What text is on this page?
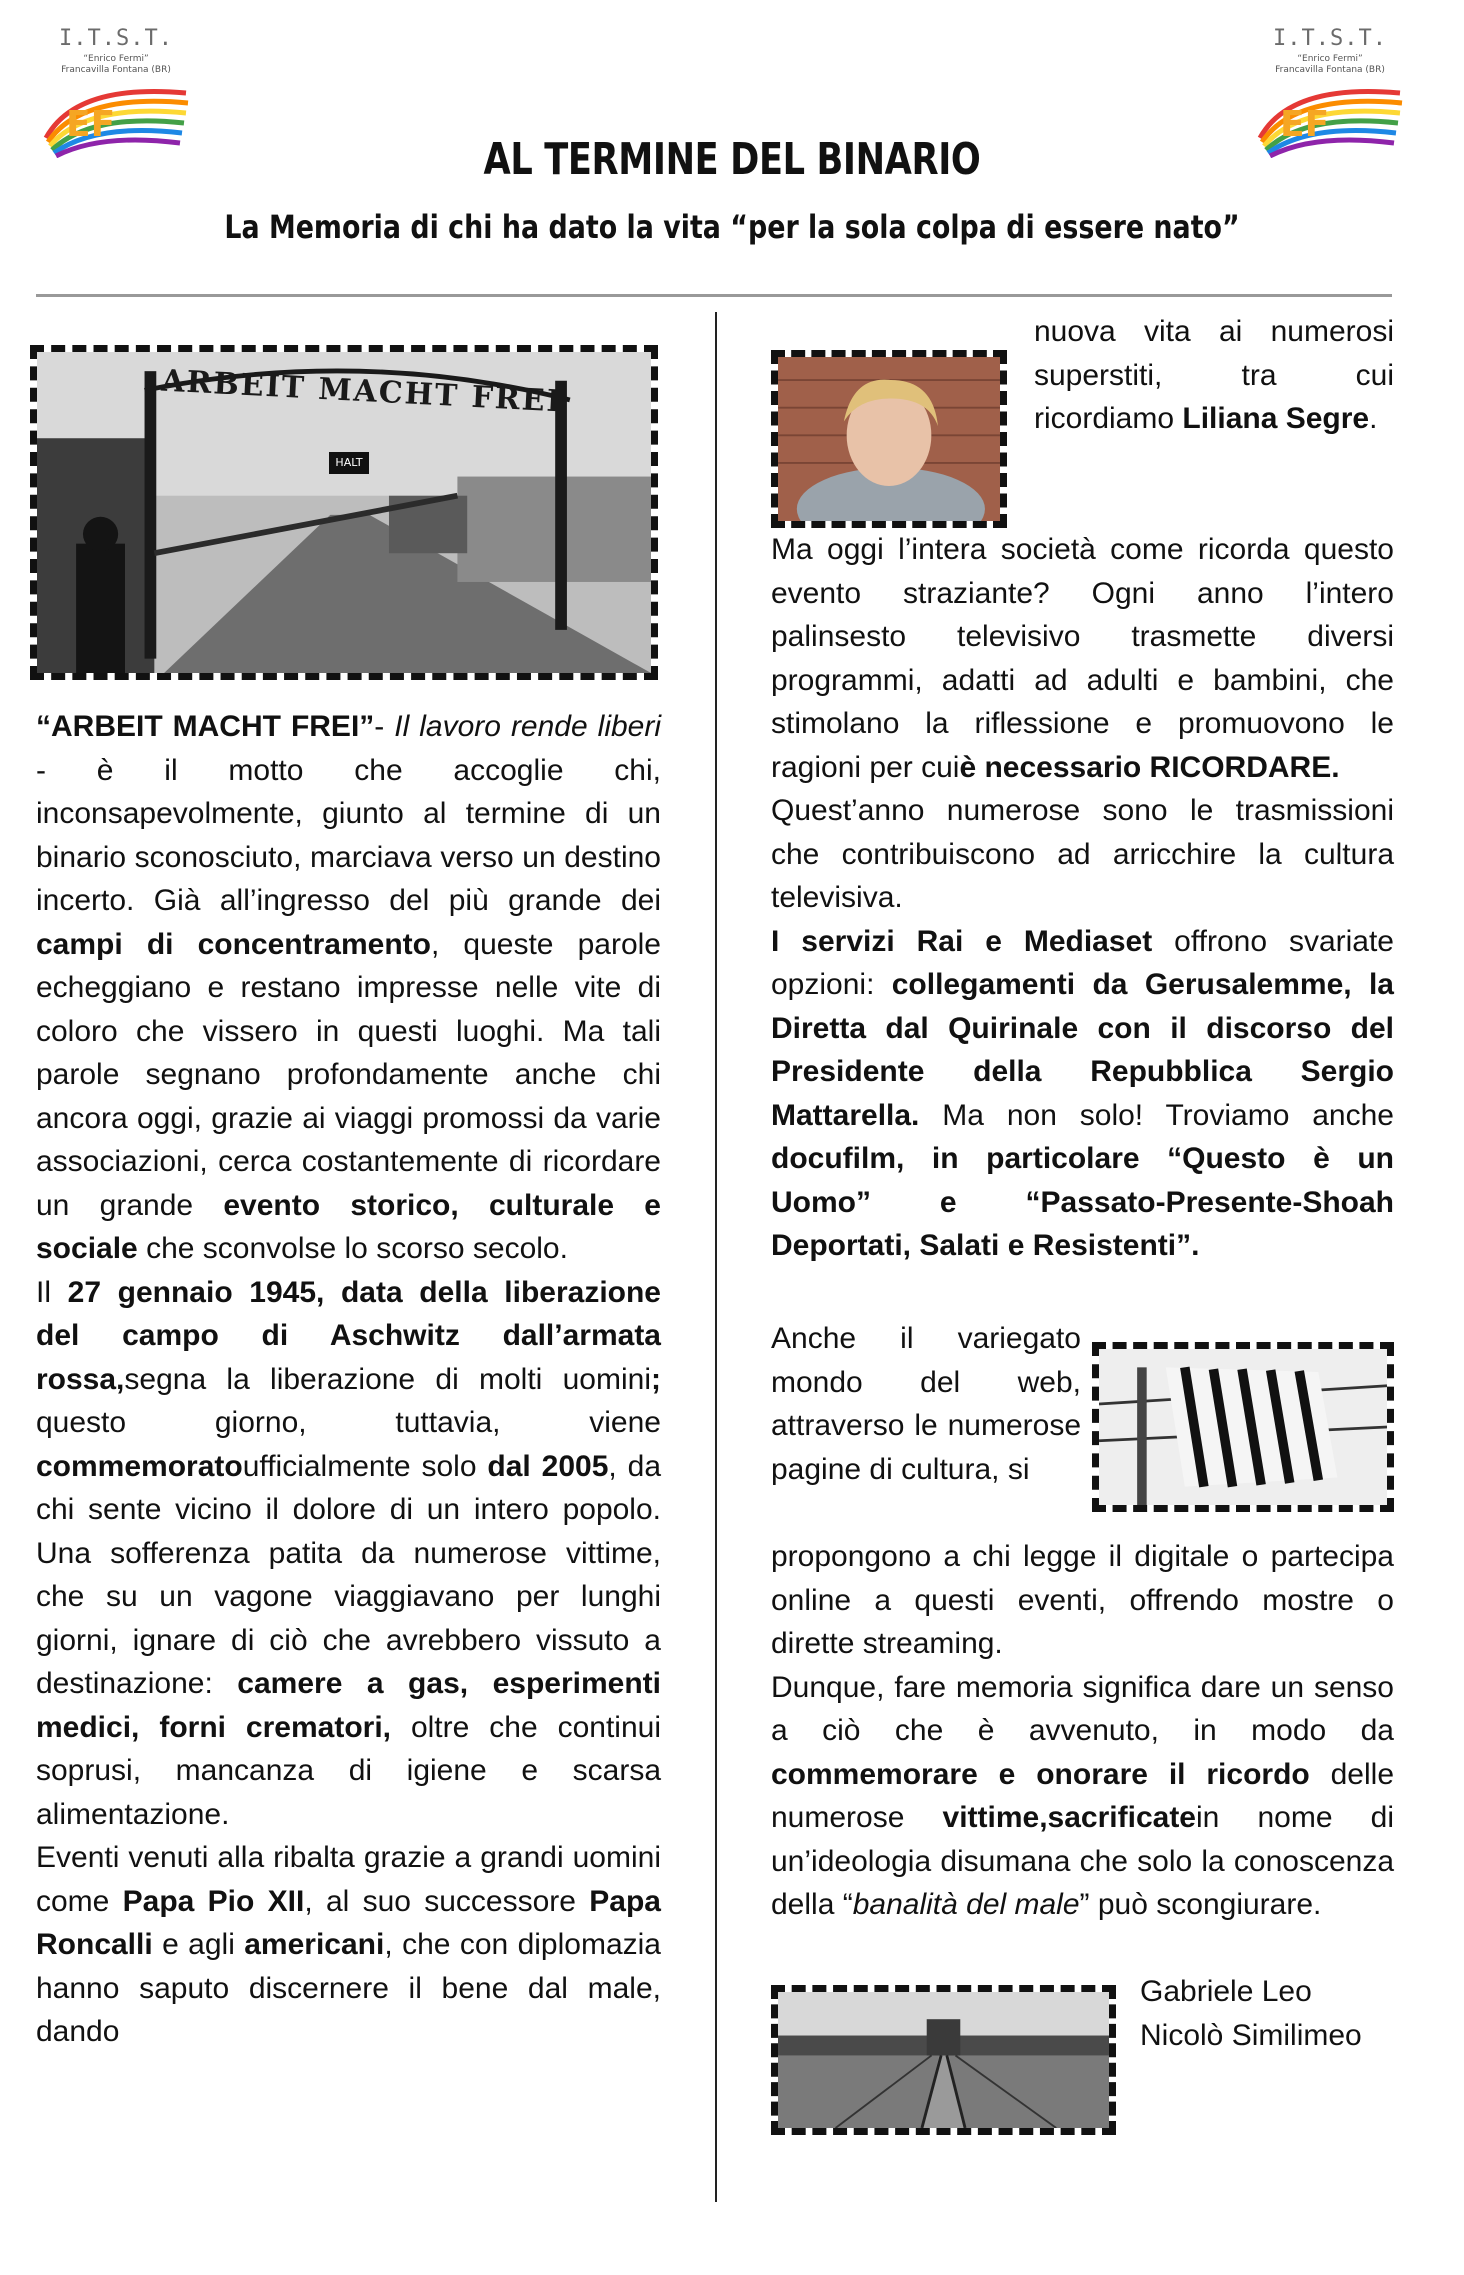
I.T.S.T.
“Enrico Fermi”
Francavilla Fontana (BR)
EF
I.T.S.T.
“Enrico Fermi”
Francavilla Fontana (BR)
EF
AL TERMINE DEL BINARIO
La Memoria di chi ha dato la vita “per la sola colpa di essere nato”
ARBEIT MACHT FREI
HALT

“ARBEIT MACHT FREI”- Il lavoro rende liberi - è il motto che accoglie chi, inconsapevolmente, giunto al termine di un binario sconosciuto, marciava verso un destino incerto. Già all’ingresso del più grande dei campi di concentramento, queste parole echeggiano e restano impresse nelle vite di coloro che vissero in questi luoghi. Ma tali parole segnano profondamente anche chi ancora oggi, grazie ai viaggi promossi da varie associazioni, cerca costantemente di ricordare un grande evento storico, culturale e sociale che sconvolse lo scorso secolo.

Il 27 gennaio 1945, data della liberazione del campo di Aschwitz dall’armata rossa,segna la liberazione di molti uomini; questo giorno, tuttavia, viene commemoratoufficialmente solo dal 2005, da chi sente vicino il dolore di un intero popolo. Una sofferenza patita da numerose vittime, che su un vagone viaggiavano per lunghi giorni, ignare di ciò che avrebbero vissuto a destinazione: camere a gas, esperimenti medici, forni crematori, oltre che continui soprusi, mancanza di igiene e scarsa alimentazione.

Eventi venuti alla ribalta grazie a grandi uomini come Papa Pio XII, al suo successore Papa Roncalli e agli americani, che con diplomazia hanno saputo discernere il bene dal male, dando

nuova vita ai numerosi superstiti, tra cui ricordiamo Liliana Segre.

Ma oggi l’intera società come ricorda questo evento straziante? Ogni anno l’intero palinsesto televisivo trasmette diversi programmi, adatti ad adulti e bambini, che stimolano la riflessione e promuovono le ragioni per cuiè necessario RICORDARE.

Quest’anno numerose sono le trasmissioni che contribuiscono ad arricchire la cultura televisiva.

I servizi Rai e Mediaset offrono svariate opzioni: collegamenti da Gerusalemme, la Diretta dal Quirinale con il discorso del Presidente della Repubblica Sergio Mattarella. Ma non solo! Troviamo anche docufilm, in particolare “Questo è un Uomo” e “Passato-Presente-Shoah Deportati, Salati e Resistenti”.

Anche il variegato mondo del web, attraverso le numerose pagine di cultura, si

propongono a chi legge il digitale o partecipa online a questi eventi, offrendo mostre o dirette streaming.

Dunque, fare memoria significa dare un senso a ciò che è avvenuto, in modo da commemorare e onorare il ricordo delle numerose vittime,sacrificatein nome di un’ideologia disumana che solo la conoscenza della “banalità del male” può scongiurare.

Gabriele Leo
Nicolò Similimeo
